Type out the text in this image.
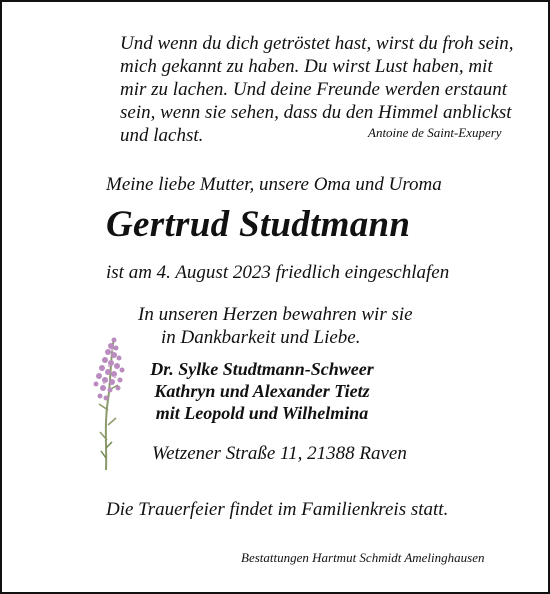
Und wenn du dich getröstet hast, wirst du froh sein,
mich gekannt zu haben. Du wirst Lust haben, mit
mir zu lachen. Und deine Freunde werden erstaunt
sein, wenn sie sehen, dass du den Himmel anblickst
und lachst.	Antoine de Saint-Exupery
Meine liebe Mutter, unsere Oma und Uroma
Gertrud Studtmann
ist am 4. August 2023 friedlich eingeschlafen
In unseren Herzen bewahren wir sie
in Dankbarkeit und Liebe.
Dr. Sylke Studtmann-Schweer
Kathryn und Alexander Tietz
mit Leopold und Wilhelmina
Wetzener Straße 11, 21388 Raven
Die Trauerfeier findet im Familienkreis statt.
Bestattungen Hartmut Schmidt Amelinghausen
